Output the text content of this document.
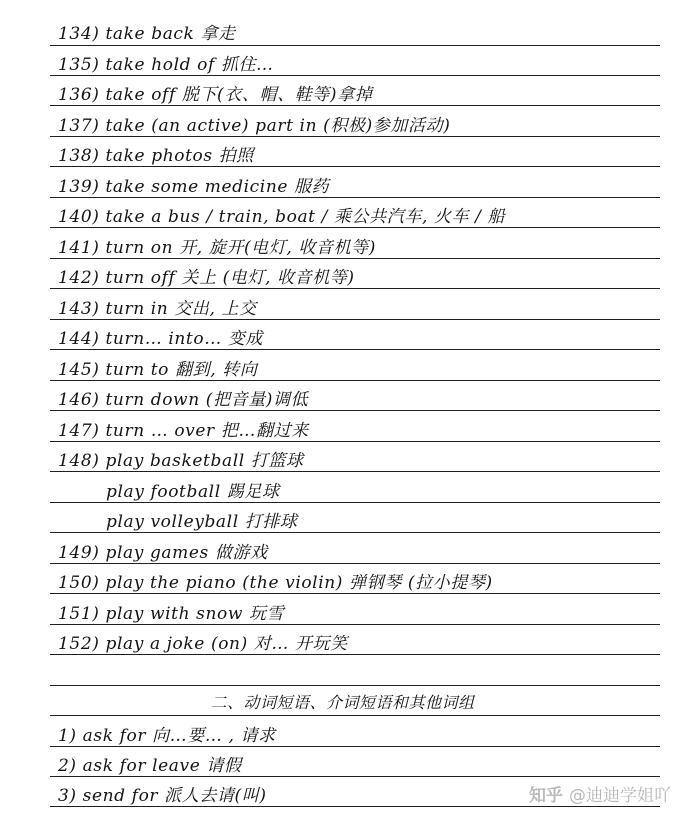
134) take back 拿走
135) take hold of 抓住…
136) take off 脱下(衣、帽、鞋等)拿掉
137) take (an active) part in (积极)参加活动)
138) take photos 拍照
139) take some medicine 服药
140) take a bus / train, boat / 乘公共汽车, 火车 / 船
141) turn on 开, 旋开(电灯, 收音机等)
142) turn off 关上 (电灯, 收音机等)
143) turn in 交出, 上交
144) turn… into… 变成
145) turn to 翻到, 转向
146) turn down (把音量)调低
147) turn … over 把…翻过来
148) play basketball 打篮球
play football 踢足球
play volleyball 打排球
149) play games 做游戏
150) play the piano (the violin) 弹钢琴 (拉小提琴)
151) play with snow 玩雪
152) play a joke (on) 对… 开玩笑
二、动词短语、介词短语和其他词组
1) ask for 向…要… , 请求
2) ask for leave 请假
3) send for 派人去请(叫)	知乎 @迪迪学姐吖
